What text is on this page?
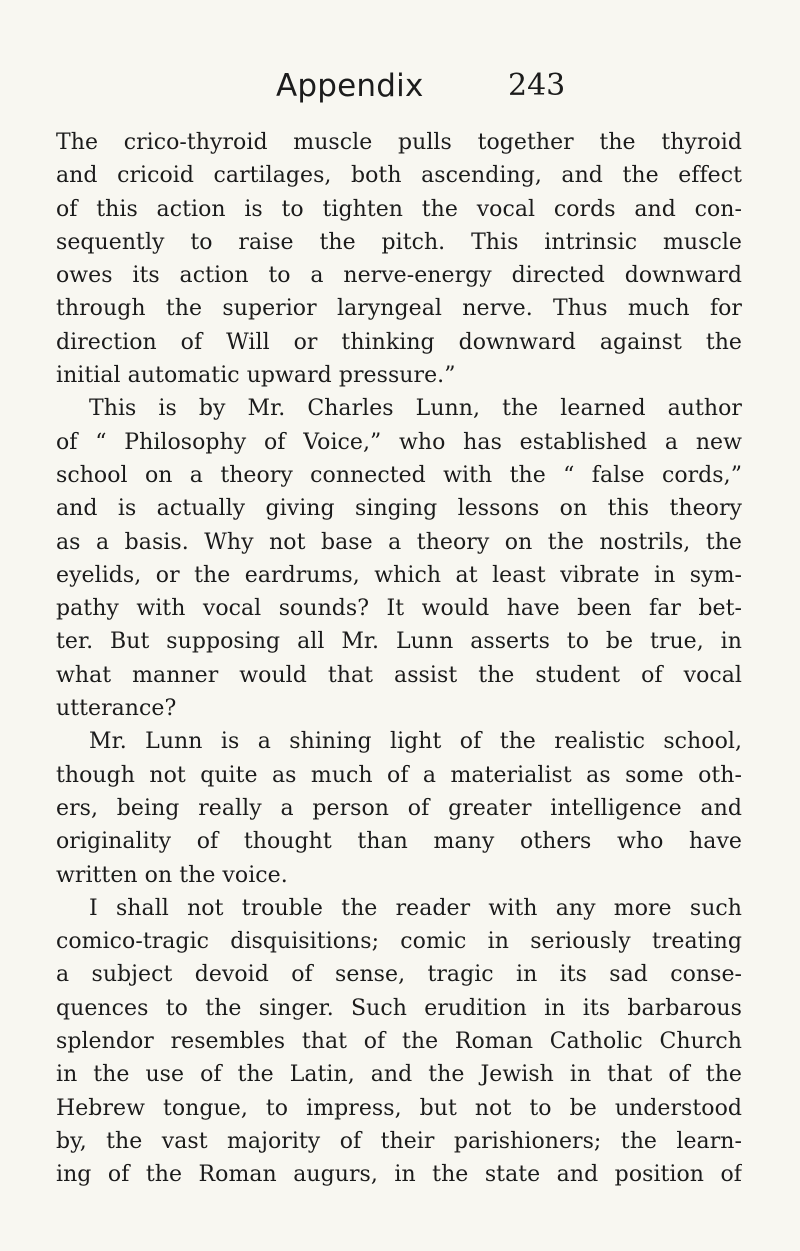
Appendix	243
The crico-thyroid muscle pulls together the thyroid
and cricoid cartilages, both ascending, and the effect
of this action is to tighten the vocal cords and con-
sequently to raise the pitch. This intrinsic muscle
owes its action to a nerve-energy directed downward
through the superior laryngeal nerve. Thus much for
direction of Will or thinking downward against the
initial automatic upward pressure.”
This is by Mr. Charles Lunn, the learned author
of “ Philosophy of Voice,” who has established a new
school on a theory connected with the “ false cords,”
and is actually giving singing lessons on this theory
as a basis. Why not base a theory on the nostrils, the
eyelids, or the eardrums, which at least vibrate in sym-
pathy with vocal sounds? It would have been far bet-
ter. But supposing all Mr. Lunn asserts to be true, in
what manner would that assist the student of vocal
utterance?
Mr. Lunn is a shining light of the realistic school,
though not quite as much of a materialist as some oth-
ers, being really a person of greater intelligence and
originality of thought than many others who have
written on the voice.
I shall not trouble the reader with any more such
comico-tragic disquisitions; comic in seriously treating
a subject devoid of sense, tragic in its sad conse-
quences to the singer. Such erudition in its barbarous
splendor resembles that of the Roman Catholic Church
in the use of the Latin, and the Jewish in that of the
Hebrew tongue, to impress, but not to be understood
by, the vast majority of their parishioners; the learn-
ing of the Roman augurs, in the state and position of
